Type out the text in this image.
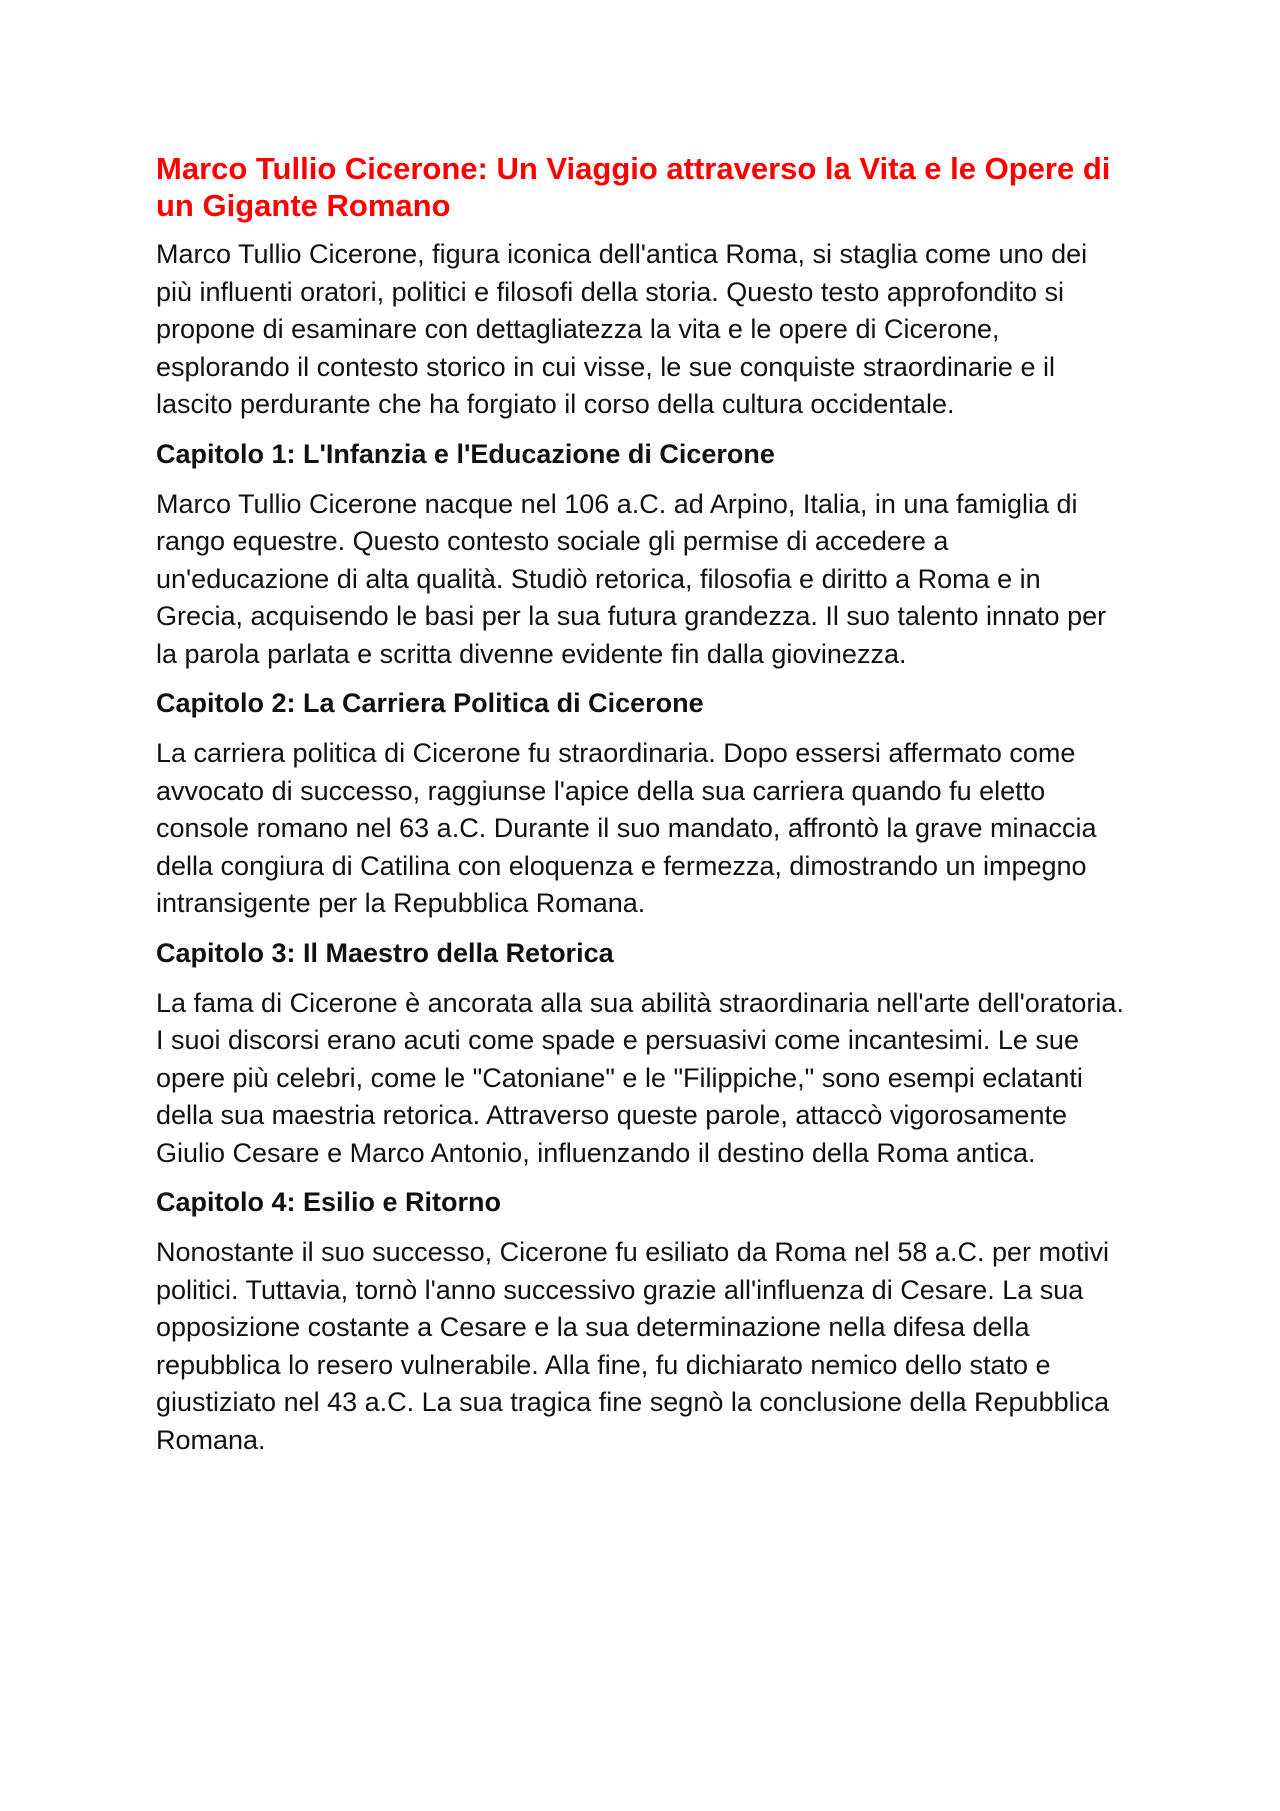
Marco Tullio Cicerone: Un Viaggio attraverso la Vita e le Opere di un Gigante Romano

Marco Tullio Cicerone, figura iconica dell'antica Roma, si staglia come uno dei più influenti oratori, politici e filosofi della storia. Questo testo approfondito si propone di esaminare con dettagliatezza la vita e le opere di Cicerone, esplorando il contesto storico in cui visse, le sue conquiste straordinarie e il lascito perdurante che ha forgiato il corso della cultura occidentale.

Capitolo 1: L'Infanzia e l'Educazione di Cicerone

Marco Tullio Cicerone nacque nel 106 a.C. ad Arpino, Italia, in una famiglia di rango equestre. Questo contesto sociale gli permise di accedere a un'educazione di alta qualità. Studiò retorica, filosofia e diritto a Roma e in Grecia, acquisendo le basi per la sua futura grandezza. Il suo talento innato per la parola parlata e scritta divenne evidente fin dalla giovinezza.

Capitolo 2: La Carriera Politica di Cicerone

La carriera politica di Cicerone fu straordinaria. Dopo essersi affermato come avvocato di successo, raggiunse l'apice della sua carriera quando fu eletto console romano nel 63 a.C. Durante il suo mandato, affrontò la grave minaccia della congiura di Catilina con eloquenza e fermezza, dimostrando un impegno intransigente per la Repubblica Romana.

Capitolo 3: Il Maestro della Retorica

La fama di Cicerone è ancorata alla sua abilità straordinaria nell'arte dell'oratoria. I suoi discorsi erano acuti come spade e persuasivi come incantesimi. Le sue opere più celebri, come le "Catoniane" e le "Filippiche," sono esempi eclatanti della sua maestria retorica. Attraverso queste parole, attaccò vigorosamente Giulio Cesare e Marco Antonio, influenzando il destino della Roma antica.

Capitolo 4: Esilio e Ritorno

Nonostante il suo successo, Cicerone fu esiliato da Roma nel 58 a.C. per motivi politici. Tuttavia, tornò l'anno successivo grazie all'influenza di Cesare. La sua opposizione costante a Cesare e la sua determinazione nella difesa della repubblica lo resero vulnerabile. Alla fine, fu dichiarato nemico dello stato e giustiziato nel 43 a.C. La sua tragica fine segnò la conclusione della Repubblica Romana.
